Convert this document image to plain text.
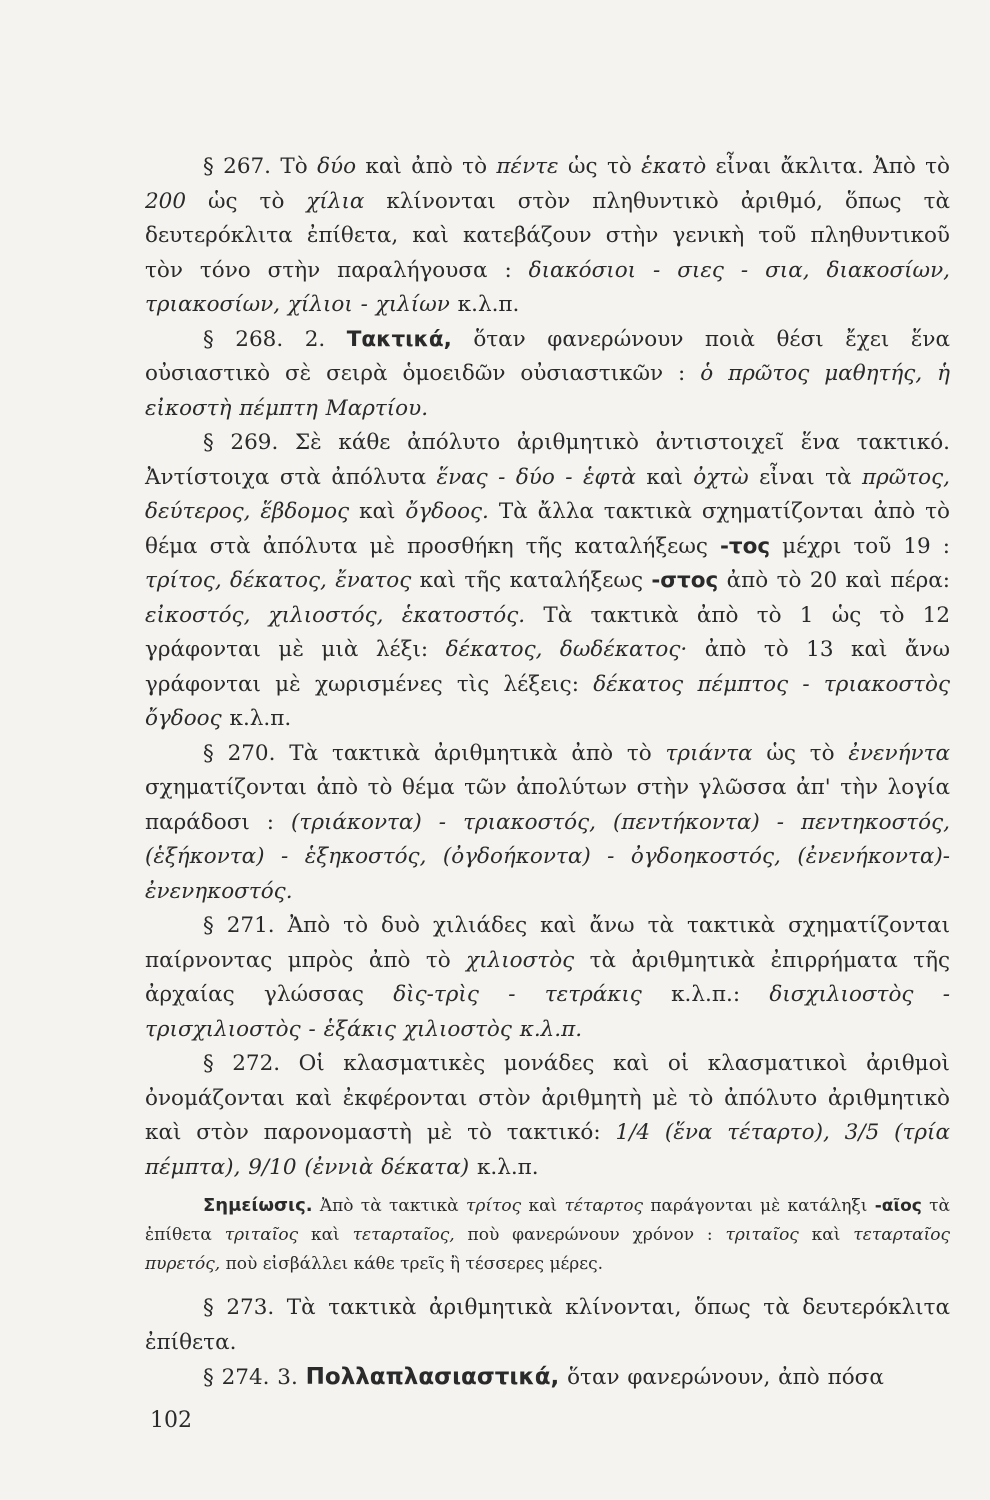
§ 267. Τὸ δύο καὶ ἀπὸ τὸ πέντε ὡς τὸ ἑκατὸ εἶναι ἄκλιτα. Ἀπὸ τὸ 200 ὡς τὸ χίλια κλίνονται στὸν πληθυντικὸ ἀριθμό, ὅπως τὰ δευτερόκλιτα ἐπίθετα, καὶ κατεβάζουν στὴν γενικὴ τοῦ πληθυντικοῦ τὸν τόνο στὴν παραλήγουσα : διακόσιοι - σιες - σια, διακοσίων, τριακοσίων, χίλιοι - χιλίων κ.λ.π.

§ 268. 2. Τακτικά, ὅταν φανερώνουν ποιὰ θέσι ἔχει ἕνα οὐσιαστικὸ σὲ σειρὰ ὁμοειδῶν οὐσιαστικῶν : ὁ πρῶτος μαθητής, ἡ εἰκοστὴ πέμπτη Μαρτίου.

§ 269. Σὲ κάθε ἀπόλυτο ἀριθμητικὸ ἀντιστοιχεῖ ἕνα τακτικό. Ἀντίστοιχα στὰ ἀπόλυτα ἕνας - δύο - ἑφτὰ καὶ ὀχτὼ εἶναι τὰ πρῶτος, δεύτερος, ἕβδομος καὶ ὄγδοος. Τὰ ἄλλα τακτικὰ σχηματίζονται ἀπὸ τὸ θέμα στὰ ἀπόλυτα μὲ προσθήκη τῆς καταλήξεως -τος μέχρι τοῦ 19 : τρίτος, δέκατος, ἔνατος καὶ τῆς καταλήξεως -στος ἀπὸ τὸ 20 καὶ πέρα: εἰκοστός, χιλιοστός, ἑκατοστός. Τὰ τακτικὰ ἀπὸ τὸ 1 ὡς τὸ 12 γράφονται μὲ μιὰ λέξι: δέκατος, δωδέκατος· ἀπὸ τὸ 13 καὶ ἄνω γράφονται μὲ χωρισμένες τὶς λέξεις: δέκατος πέμπτος - τριακοστὸς ὄγδοος κ.λ.π.

§ 270. Τὰ τακτικὰ ἀριθμητικὰ ἀπὸ τὸ τριάντα ὡς τὸ ἐνενήντα σχηματίζονται ἀπὸ τὸ θέμα τῶν ἀπολύτων στὴν γλῶσσα ἀπ' τὴν λογία παράδοσι : (τριάκοντα) - τριακοστός, (πεντήκοντα) - πεντηκοστός, (ἑξήκοντα) - ἑξηκοστός, (ὀγδοήκοντα) - ὀγδοηκοστός, (ἐνενήκοντα)- ἐνενηκοστός.

§ 271. Ἀπὸ τὸ δυὸ χιλιάδες καὶ ἄνω τὰ τακτικὰ σχηματίζονται παίρνοντας μπρὸς ἀπὸ τὸ χιλιοστὸς τὰ ἀριθμητικὰ ἐπιρρήματα τῆς ἀρχαίας γλώσσας δὶς-τρὶς - τετράκις κ.λ.π.: δισχιλιοστὸς - τρισχιλιοστὸς - ἑξάκις χιλιοστὸς κ.λ.π.

§ 272. Οἱ κλασματικὲς μονάδες καὶ οἱ κλασματικοὶ ἀριθμοὶ ὀνομάζονται καὶ ἐκφέρονται στὸν ἀριθμητὴ μὲ τὸ ἀπόλυτο ἀριθμητικὸ καὶ στὸν παρονομαστὴ μὲ τὸ τακτικό: 1/4 (ἕνα τέταρτο), 3/5 (τρία πέμπτα), 9/10 (ἐννιὰ δέκατα) κ.λ.π.

Σημείωσις. Ἀπὸ τὰ τακτικὰ τρίτος καὶ τέταρτος παράγονται μὲ κατάληξι -αῖος τὰ ἐπίθετα τριταῖος καὶ τεταρταῖος, ποὺ φανερώνουν χρόνον : τριταῖος καὶ τεταρταῖος πυρετός, ποὺ εἰσβάλλει κάθε τρεῖς ἢ τέσσερες μέρες.

§ 273. Τὰ τακτικὰ ἀριθμητικὰ κλίνονται, ὅπως τὰ δευτερόκλιτα ἐπίθετα.

§ 274. 3. Πολλαπλασιαστικά, ὅταν φανερώνουν, ἀπὸ πόσα

102
